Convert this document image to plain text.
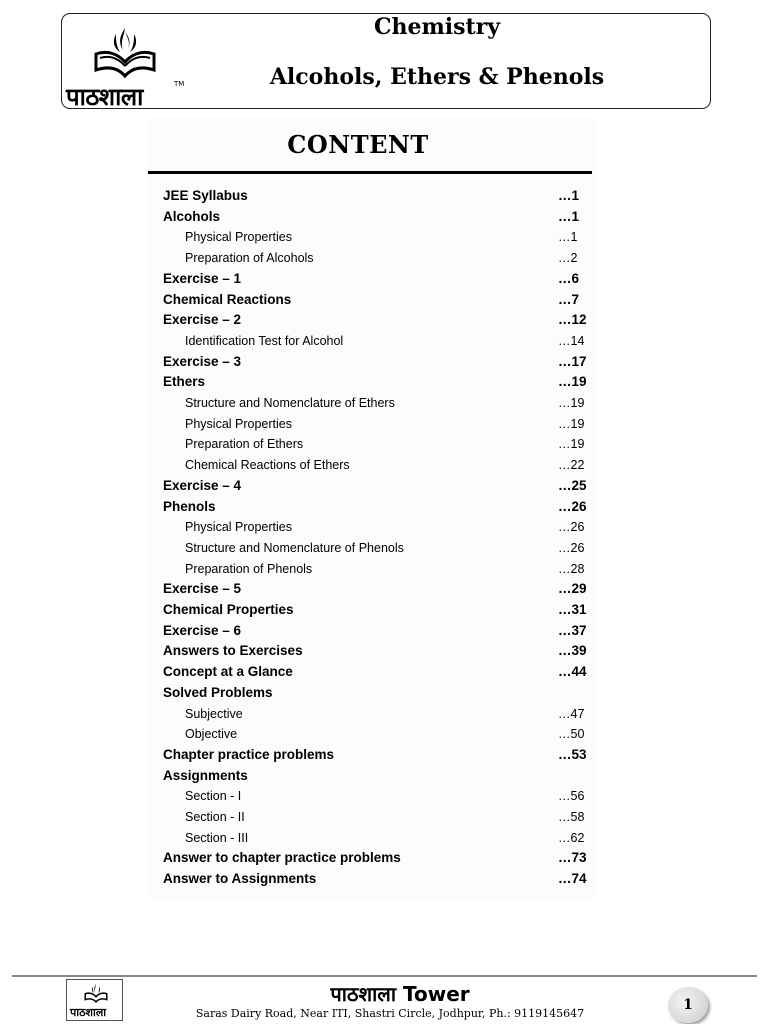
पाठशाला	TM
Chemistry
Alcohols, Ethers & Phenols
CONTENT
JEE Syllabus	…1
Alcohols	…1
Physical Properties	…1
Preparation of Alcohols	…2
Exercise – 1	…6
Chemical Reactions	…7
Exercise – 2	…12
Identification Test for Alcohol	…14
Exercise – 3	…17
Ethers	…19
Structure and Nomenclature of Ethers	…19
Physical Properties	…19
Preparation of Ethers	…19
Chemical Reactions of Ethers	…22
Exercise – 4	…25
Phenols	…26
Physical Properties	…26
Structure and Nomenclature of Phenols	…26
Preparation of Phenols	…28
Exercise – 5	…29
Chemical Properties	…31
Exercise – 6	…37
Answers to Exercises	…39
Concept at a Glance	…44
Solved Problems
Subjective	…47
Objective	…50
Chapter practice problems	…53
Assignments
Section - I	…56
Section - II	…58
Section - III	…62
Answer to chapter practice problems	…73
Answer to Assignments	…74
पाठशाला
पाठशाला Tower
Saras Dairy Road, Near ITI, Shastri Circle, Jodhpur, Ph.: 9119145647
1
